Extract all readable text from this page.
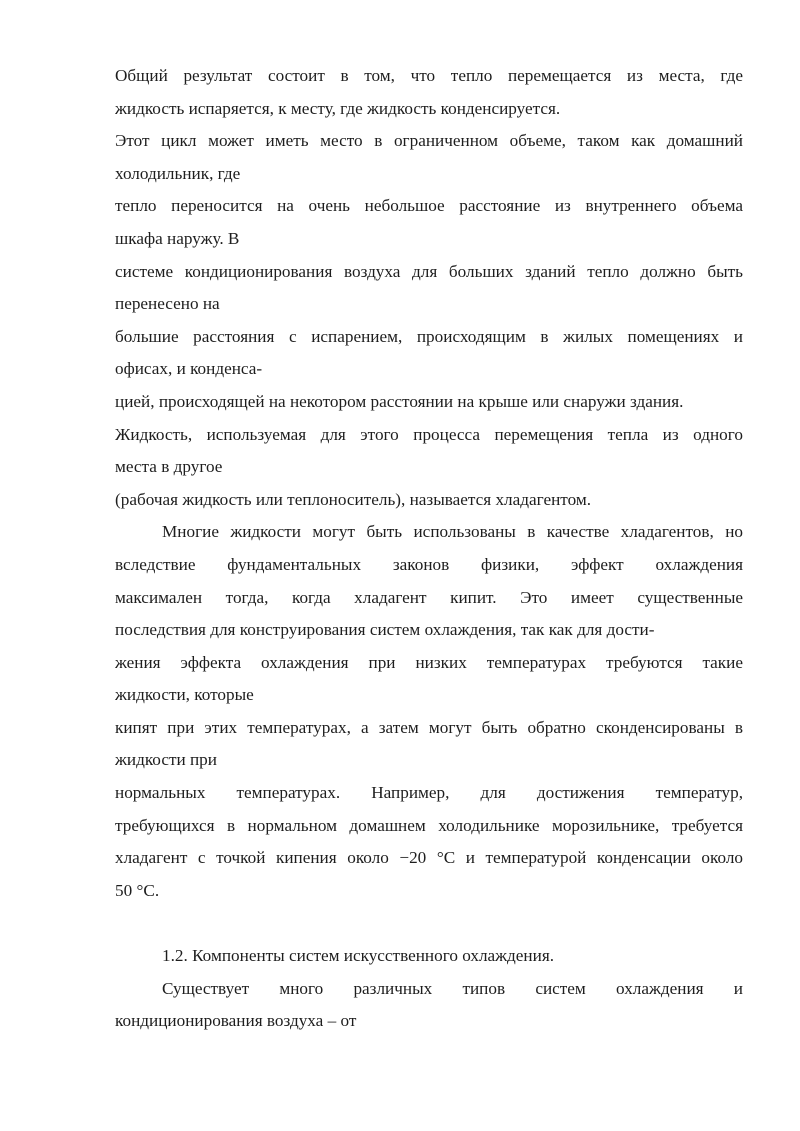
Общий результат состоит в том, что тепло перемещается из места, где
жидкость испаряется, к месту, где жидкость конденсируется.
Этот цикл может иметь место в ограниченном объеме, таком как домашний
холодильник, где
тепло переносится на очень небольшое расстояние из внутреннего объема
шкафа наружу. В
системе кондиционирования воздуха для больших зданий тепло должно быть
перенесено на
большие расстояния с испарением, происходящим в жилых помещениях и
офисах, и конденса-
цией, происходящей на некотором расстоянии на крыше или снаружи здания.
Жидкость, используемая для этого процесса перемещения тепла из одного
места в другое
(рабочая жидкость или теплоноситель), называется хладагентом.
Многие жидкости могут быть использованы в качестве хладагентов, но
вследствие фундаментальных законов физики, эффект охлаждения
максимален тогда, когда хладагент кипит. Это имеет существенные
последствия для конструирования систем охлаждения, так как для дости-
жения эффекта охлаждения при низких температурах требуются такие
жидкости, которые
кипят при этих температурах, а затем могут быть обратно сконденсированы в
жидкости при
нормальных температурах. Например, для достижения температур,
требующихся в нормальном домашнем холодильнике морозильнике, требуется
хладагент с точкой кипения около −20 °C и температурой конденсации около
50 °C.
1.2. Компоненты систем искусственного охлаждения.
Существует много различных типов систем охлаждения и
кондиционирования воздуха – от
